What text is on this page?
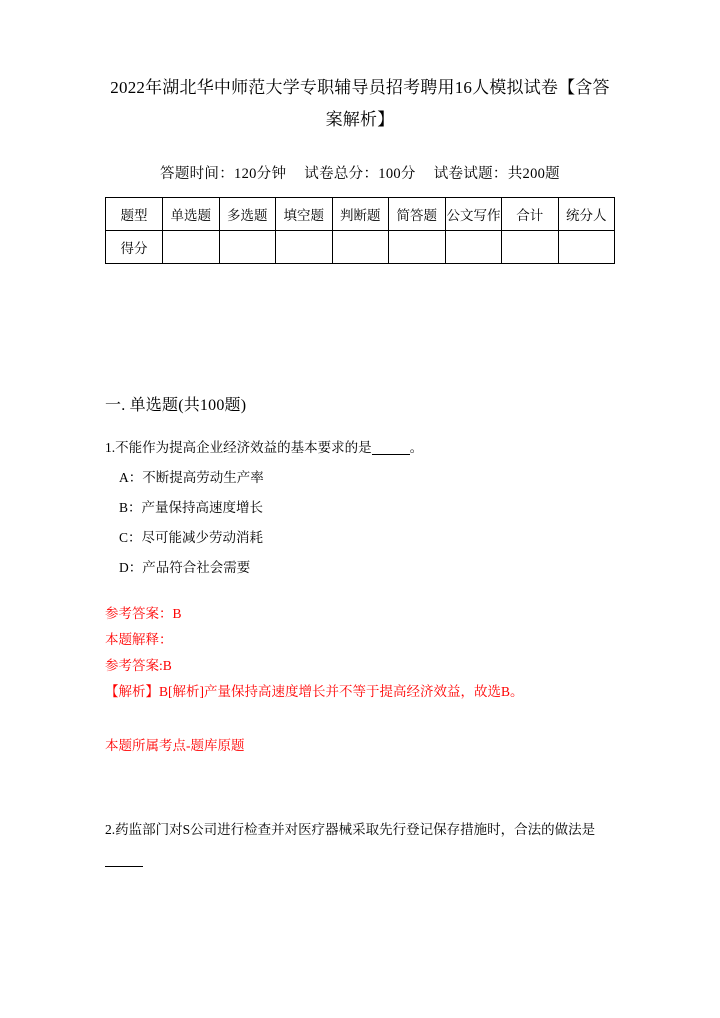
2022年湖北华中师范大学专职辅导员招考聘用16人模拟试卷【含答案解析】
答题时间：120分钟 试卷总分：100分 试卷试题：共200题
题型	单选题	多选题	填空题	判断题	简答题	公文写作	合计	统分人
得分								
一. 单选题(共100题)

1.不能作为提高企业经济效益的基本要求的是	。

A：不断提高劳动生产率

B：产量保持高速度增长

C：尽可能减少劳动消耗

D：产品符合社会需要

参考答案：B

本题解释：

参考答案:B

【解析】B[解析]产量保持高速度增长并不等于提高经济效益，故选B。

本题所属考点-题库原题

2.药监部门对S公司进行检查并对医疗器械采取先行登记保存措施时，合法的做法是
